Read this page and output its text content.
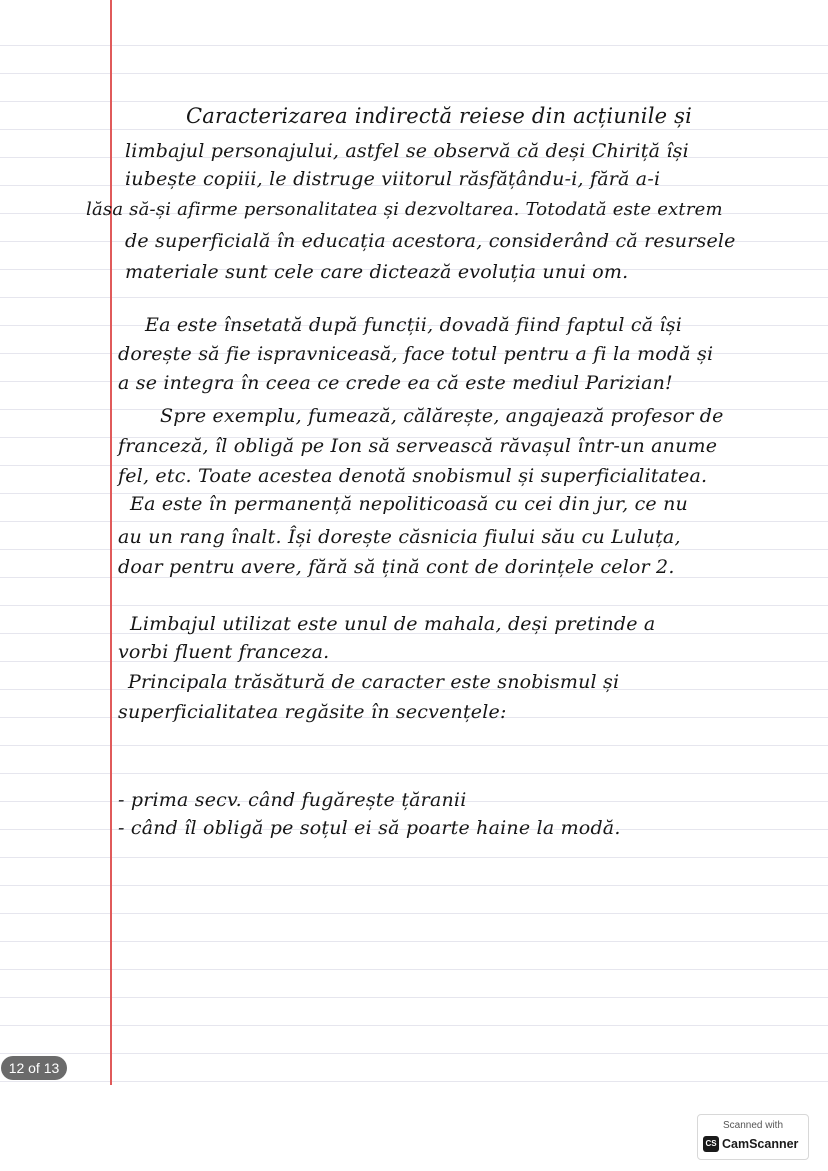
Caracterizarea indirectă reiese din acțiunile și

limbajul personajului, astfel se observă că deși Chiriță își

iubește copiii, le distruge viitorul răsfățându-i, fără a-i

lăsa să-și afirme personalitatea și dezvoltarea. Totodată este extrem

de superficială în educația acestora, considerând că resursele

materiale sunt cele care dictează evoluția unui om.

Ea este însetată după funcții, dovadă fiind faptul că își

dorește să fie ispravniceasă, face totul pentru a fi la modă și

a se integra în ceea ce crede ea că este mediul Parizian!

Spre exemplu, fumează, călărește, angajează profesor de

franceză, îl obligă pe Ion să servească răvașul într-un anume

fel, etc. Toate acestea denotă snobismul și superficialitatea.

Ea este în permanență nepoliticoasă cu cei din jur, ce nu

au un rang înalt. Își dorește căsnicia fiului său cu Luluța,

doar pentru avere, fără să țină cont de dorințele celor 2.

Limbajul utilizat este unul de mahala, deși pretinde a

vorbi fluent franceza.

Principala trăsătură de caracter este snobismul și

superficialitatea regăsite în secvențele:

- prima secv. când fugărește țăranii

- când îl obligă pe soțul ei să poarte haine la modă.

12 of 13
Scanned with
CS CamScanner
